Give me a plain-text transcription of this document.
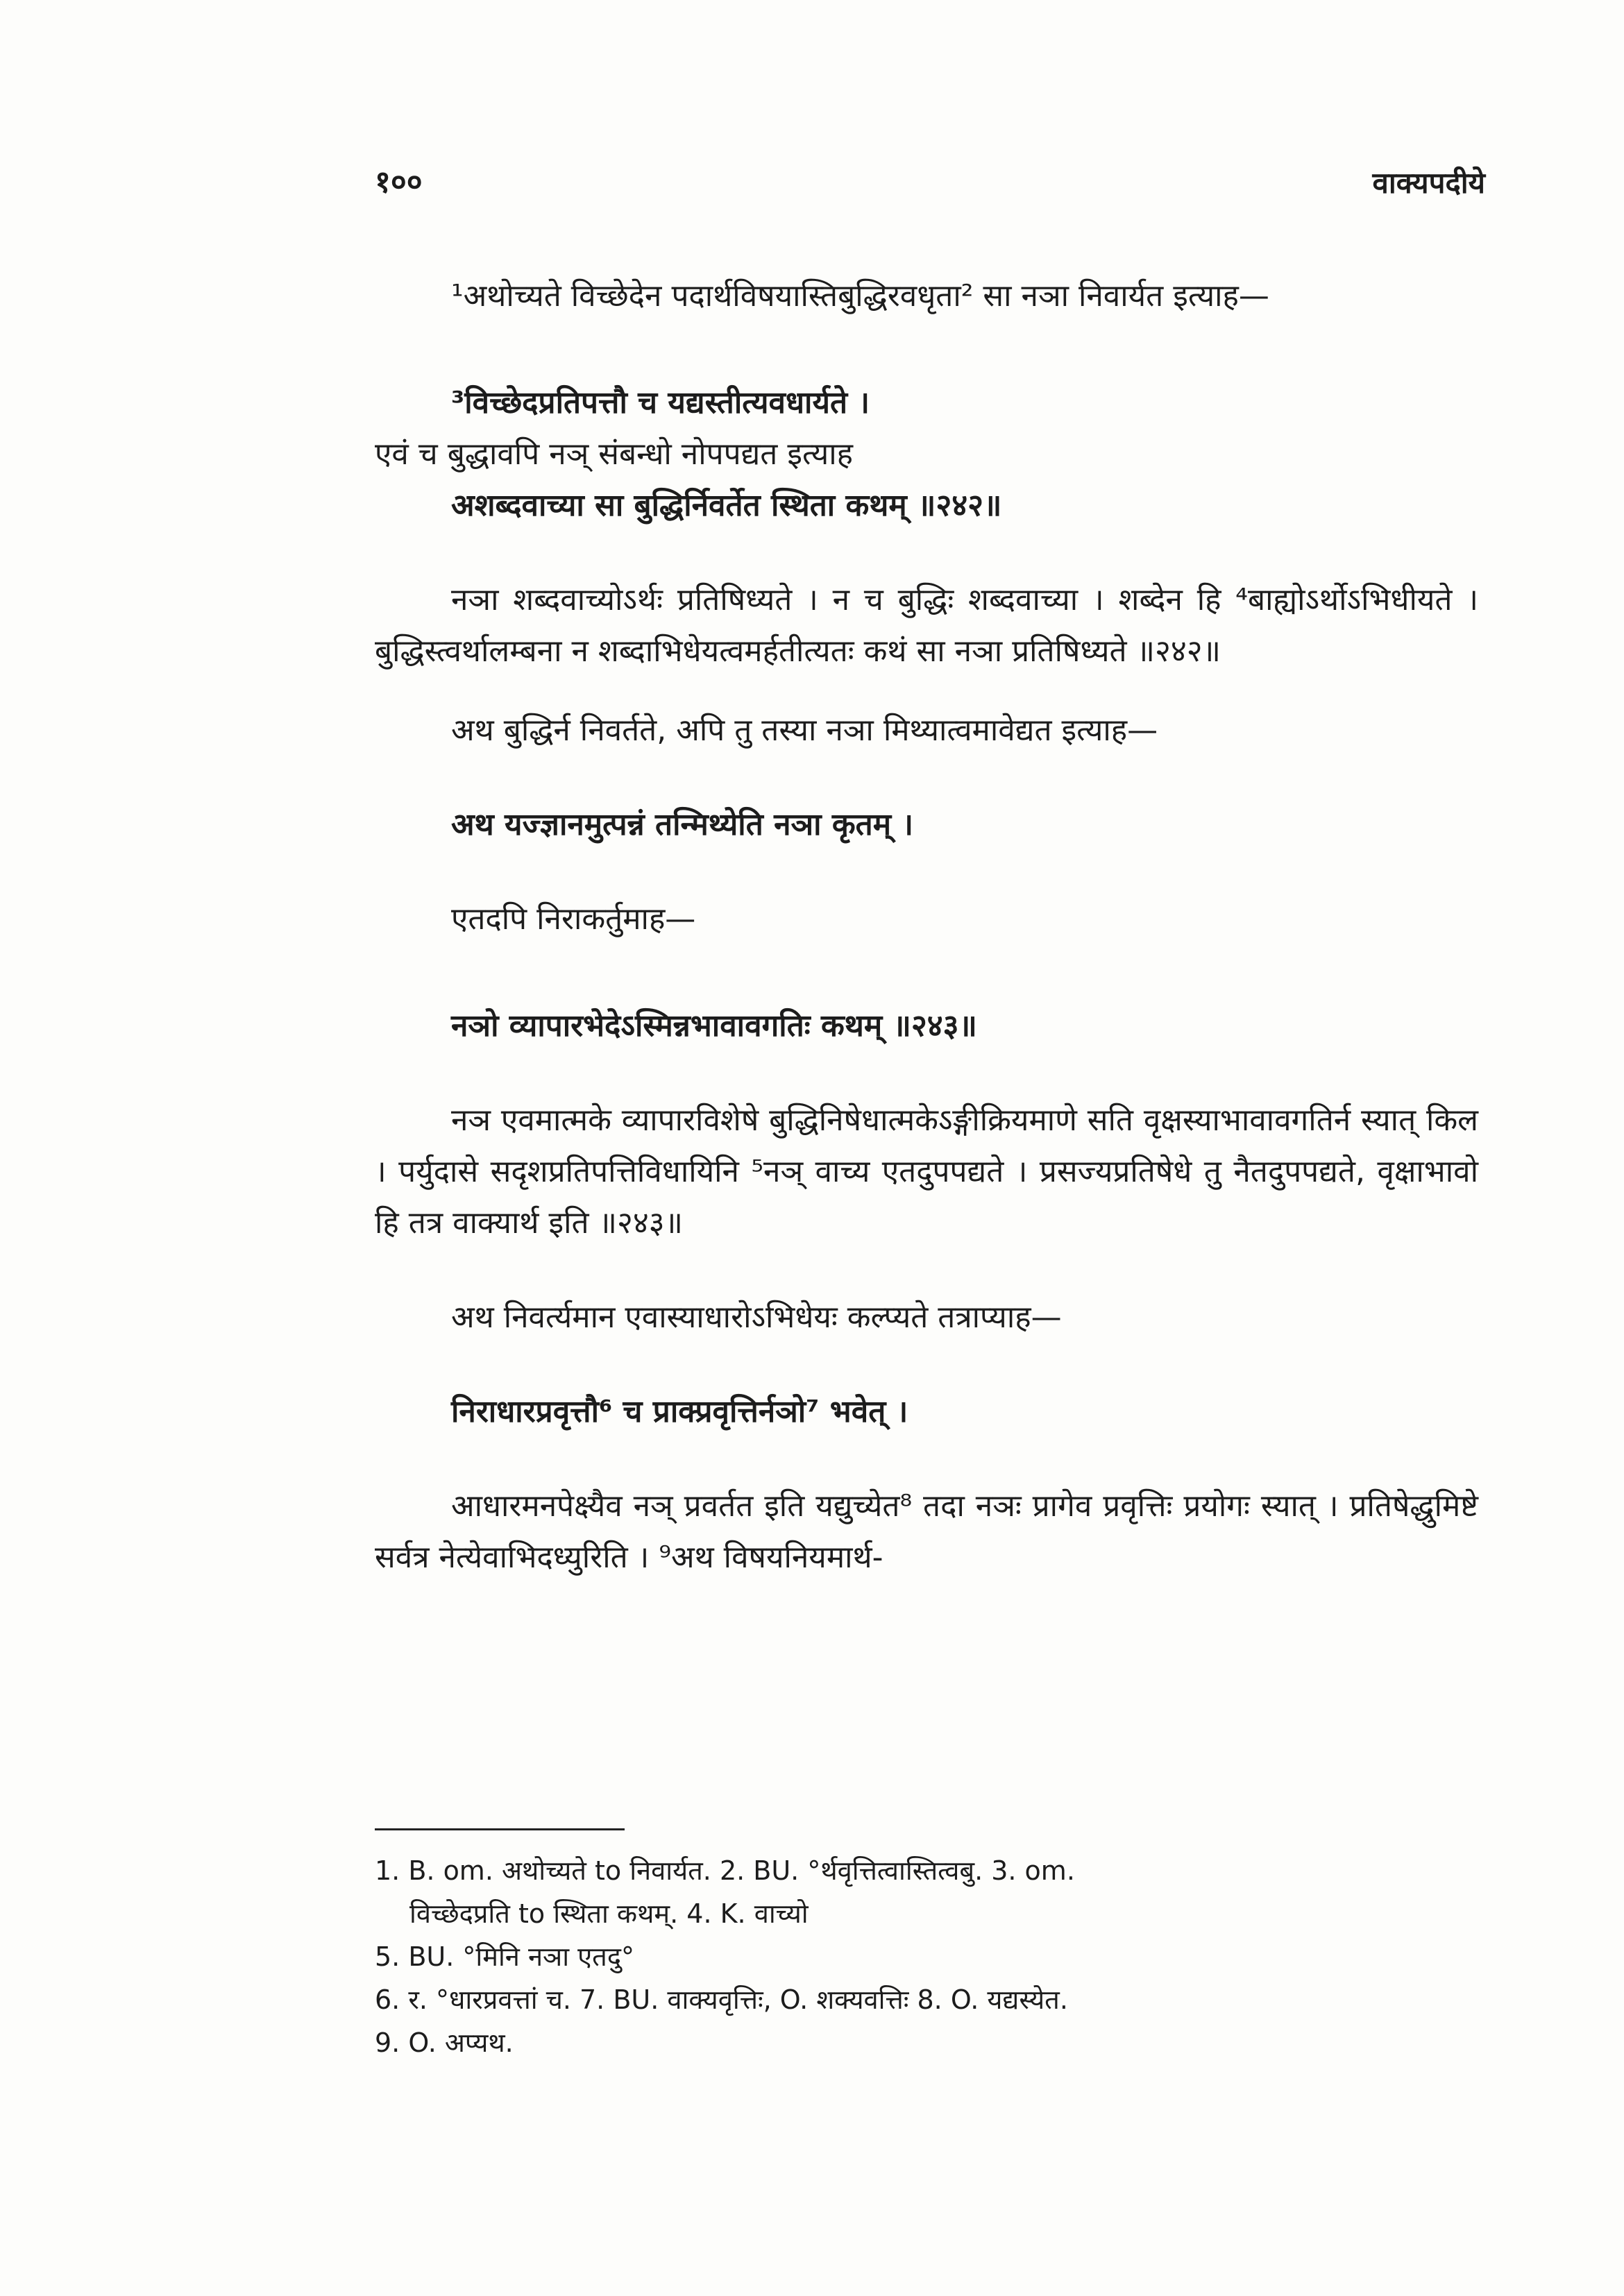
१००	वाक्यपदीये

¹अथोच्यते विच्छेदेन पदार्थविषयास्तिबुद्धिरवधृता² सा नञा निवार्यत इत्याह—

³विच्छेदप्रतिपत्तौ च यद्यस्तीत्यवधार्यते ।

एवं च बुद्धावपि नञ् संबन्धो नोपपद्यत इत्याह

अशब्दवाच्या सा बुद्धिर्निवर्तेत स्थिता कथम् ॥२४२॥

नञा शब्दवाच्योऽर्थः प्रतिषिध्यते । न च बुद्धिः शब्दवाच्या । शब्देन हि ⁴बाह्योऽर्थोऽभिधीयते । बुद्धिस्त्वर्थालम्बना न शब्दाभिधेयत्वमर्हतीत्यतः कथं सा नञा प्रतिषिध्यते ॥२४२॥

अथ बुद्धिर्न निवर्तते, अपि तु तस्या नञा मिथ्यात्वमावेद्यत इत्याह—

अथ यज्ज्ञानमुत्पन्नं तन्मिथ्येति नञा कृतम् ।

एतदपि निराकर्तुमाह—

नञो व्यापारभेदेऽस्मिन्नभावावगतिः कथम् ॥२४३॥

नञ एवमात्मके व्यापारविशेषे बुद्धिनिषेधात्मकेऽङ्गीक्रियमाणे सति वृक्षस्याभावावगतिर्न स्यात् किल । पर्युदासे सदृशप्रतिपत्तिविधायिनि ⁵नञ् वाच्य एतदुपपद्यते । प्रसज्यप्रतिषेधे तु नैतदुपपद्यते, वृक्षाभावो हि तत्र वाक्यार्थ इति ॥२४३॥

अथ निवर्त्यमान एवास्याधारोऽभिधेयः कल्प्यते तत्राप्याह—

निराधारप्रवृत्तौ⁶ च प्राक्प्रवृत्तिर्नञो⁷ भवेत् ।

आधारमनपेक्ष्यैव नञ् प्रवर्तत इति यद्युच्येत⁸ तदा नञः प्रागेव प्रवृत्तिः प्रयोगः स्यात् । प्रतिषेद्धुमिष्टे सर्वत्र नेत्येवाभिदध्युरिति । ⁹अथ विषयनियमार्थ-

1. B. om. अथोच्यते to निवार्यत. 2. BU. °र्थवृत्तित्वास्तित्वबु. 3. om.

विच्छेदप्रति to स्थिता कथम्. 4. K. वाच्यो

5. BU. °मिनि नञा एतदु°

6. र. °धारप्रवत्तां च. 7. BU. वाक्यवृत्तिः, O. शक्यवत्तिः 8. O. यद्यस्येत.

9. O. अप्यथ.
